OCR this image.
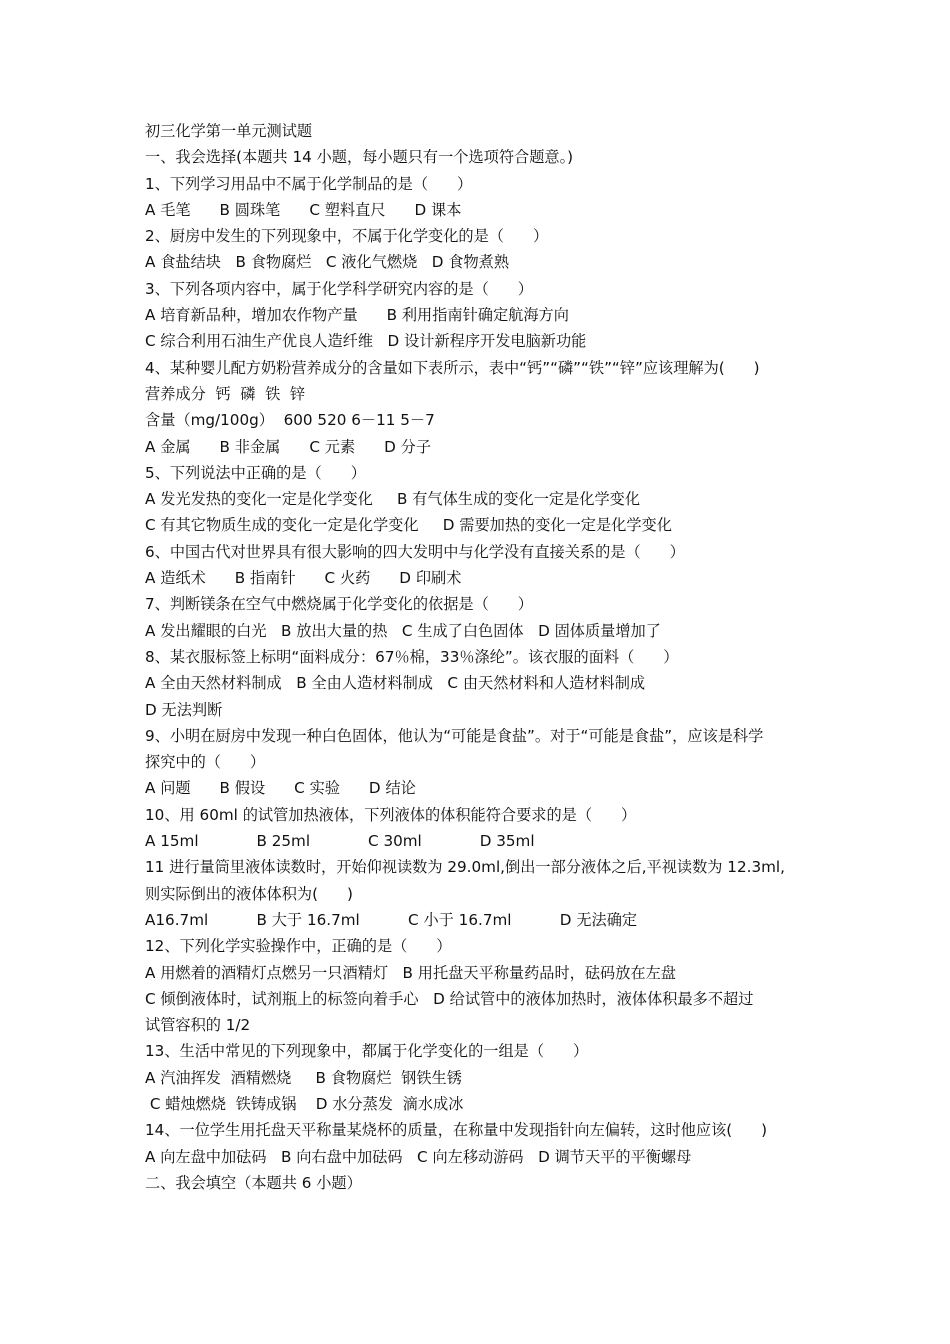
初三化学第一单元测试题
一、我会选择(本题共 14 小题，每小题只有一个选项符合题意。)
1、下列学习用品中不属于化学制品的是（      ）
A 毛笔      B 圆珠笔      C 塑料直尺      D 课本
2、厨房中发生的下列现象中，不属于化学变化的是（      ）
A 食盐结块   B 食物腐烂   C 液化气燃烧   D 食物煮熟
3、下列各项内容中，属于化学科学研究内容的是（      ）
A 培育新品种，增加农作物产量      B 利用指南针确定航海方向
C 综合利用石油生产优良人造纤维   D 设计新程序开发电脑新功能
4、某种婴儿配方奶粉营养成分的含量如下表所示，表中“钙”“磷”“铁”“锌”应该理解为(      )
营养成分  钙  磷  铁  锌
含量（mg/100g）  600 520 6－11 5－7
A 金属      B 非金属      C 元素      D 分子
5、下列说法中正确的是（      ）
A 发光发热的变化一定是化学变化     B 有气体生成的变化一定是化学变化
C 有其它物质生成的变化一定是化学变化     D 需要加热的变化一定是化学变化
6、中国古代对世界具有很大影响的四大发明中与化学没有直接关系的是（      ）
A 造纸术      B 指南针      C 火药      D 印刷术
7、判断镁条在空气中燃烧属于化学变化的依据是（      ）
A 发出耀眼的白光   B 放出大量的热   C 生成了白色固体   D 固体质量增加了
8、某衣服标签上标明“面料成分：67％棉，33％涤纶”。该衣服的面料（      ）
A 全由天然材料制成   B 全由人造材料制成   C 由天然材料和人造材料制成
D 无法判断
9、小明在厨房中发现一种白色固体，他认为“可能是食盐”。对于“可能是食盐”，应该是科学
探究中的（      ）
A 问题      B 假设      C 实验      D 结论
10、用 60ml 的试管加热液体，下列液体的体积能符合要求的是（      ）
A 15ml            B 25ml            C 30ml            D 35ml
11 进行量筒里液体读数时，开始仰视读数为 29.0ml,倒出一部分液体之后,平视读数为 12.3ml,
则实际倒出的液体体积为(      )
A16.7ml          B 大于 16.7ml          C 小于 16.7ml          D 无法确定
12、下列化学实验操作中，正确的是（      ）
A 用燃着的酒精灯点燃另一只酒精灯   B 用托盘天平称量药品时，砝码放在左盘
C 倾倒液体时，试剂瓶上的标签向着手心   D 给试管中的液体加热时，液体体积最多不超过
试管容积的 1/2
13、生活中常见的下列现象中，都属于化学变化的一组是（      ）
A 汽油挥发  酒精燃烧     B 食物腐烂  钢铁生锈
C 蜡烛燃烧  铁铸成锅    D 水分蒸发  滴水成冰
14、一位学生用托盘天平称量某烧杯的质量，在称量中发现指针向左偏转，这时他应该(      )
A 向左盘中加砝码   B 向右盘中加砝码   C 向左移动游码   D 调节天平的平衡螺母
二、我会填空（本题共 6 小题）
